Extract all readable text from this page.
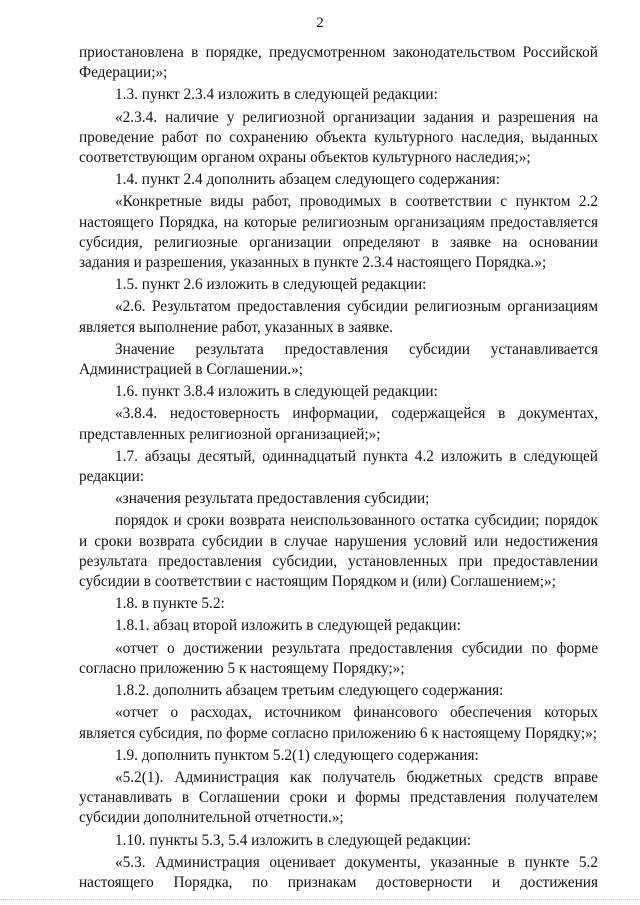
2

приостановлена в порядке, предусмотренном законодательством Российской Федерации;»;

1.3. пункт 2.3.4 изложить в следующей редакции:

«2.3.4. наличие у религиозной организации задания и разрешения на проведение работ по сохранению объекта культурного наследия, выданных соответствующим органом охраны объектов культурного наследия;»;

1.4. пункт 2.4 дополнить абзацем следующего содержания:

«Конкретные виды работ, проводимых в соответствии с пунктом 2.2 настоящего Порядка, на которые религиозным организациям предоставляется субсидия, религиозные организации определяют в заявке на основании задания и разрешения, указанных в пункте 2.3.4 настоящего Порядка.»;

1.5. пункт 2.6 изложить в следующей редакции:

«2.6. Результатом предоставления субсидии религиозным организациям является выполнение работ, указанных в заявке.

Значение результата предоставления субсидии устанавливается Администрацией в Соглашении.»;

1.6. пункт 3.8.4 изложить в следующей редакции:

«3.8.4. недостоверность информации, содержащейся в документах, представленных религиозной организацией;»;

1.7. абзацы десятый, одиннадцатый пункта 4.2 изложить в следующей редакции:

«значения результата предоставления субсидии;

порядок и сроки возврата неиспользованного остатка субсидии; порядок и сроки возврата субсидии в случае нарушения условий или недостижения результата предоставления субсидии, установленных при предоставлении субсидии в соответствии с настоящим Порядком и (или) Соглашением;»;

1.8. в пункте 5.2:

1.8.1. абзац второй изложить в следующей редакции:

«отчет о достижении результата предоставления субсидии по форме согласно приложению 5 к настоящему Порядку;»;

1.8.2. дополнить абзацем третьим следующего содержания:

«отчет о расходах, источником финансового обеспечения которых является субсидия, по форме согласно приложению 6 к настоящему Порядку;»;

1.9. дополнить пунктом 5.2(1) следующего содержания:

«5.2(1). Администрация как получатель бюджетных средств вправе устанавливать в Соглашении сроки и формы представления получателем субсидии дополнительной отчетности.»;

1.10. пункты 5.3, 5.4 изложить в следующей редакции:

«5.3. Администрация оценивает документы, указанные в пункте 5.2 настоящего Порядка, по признакам достоверности и достижения
